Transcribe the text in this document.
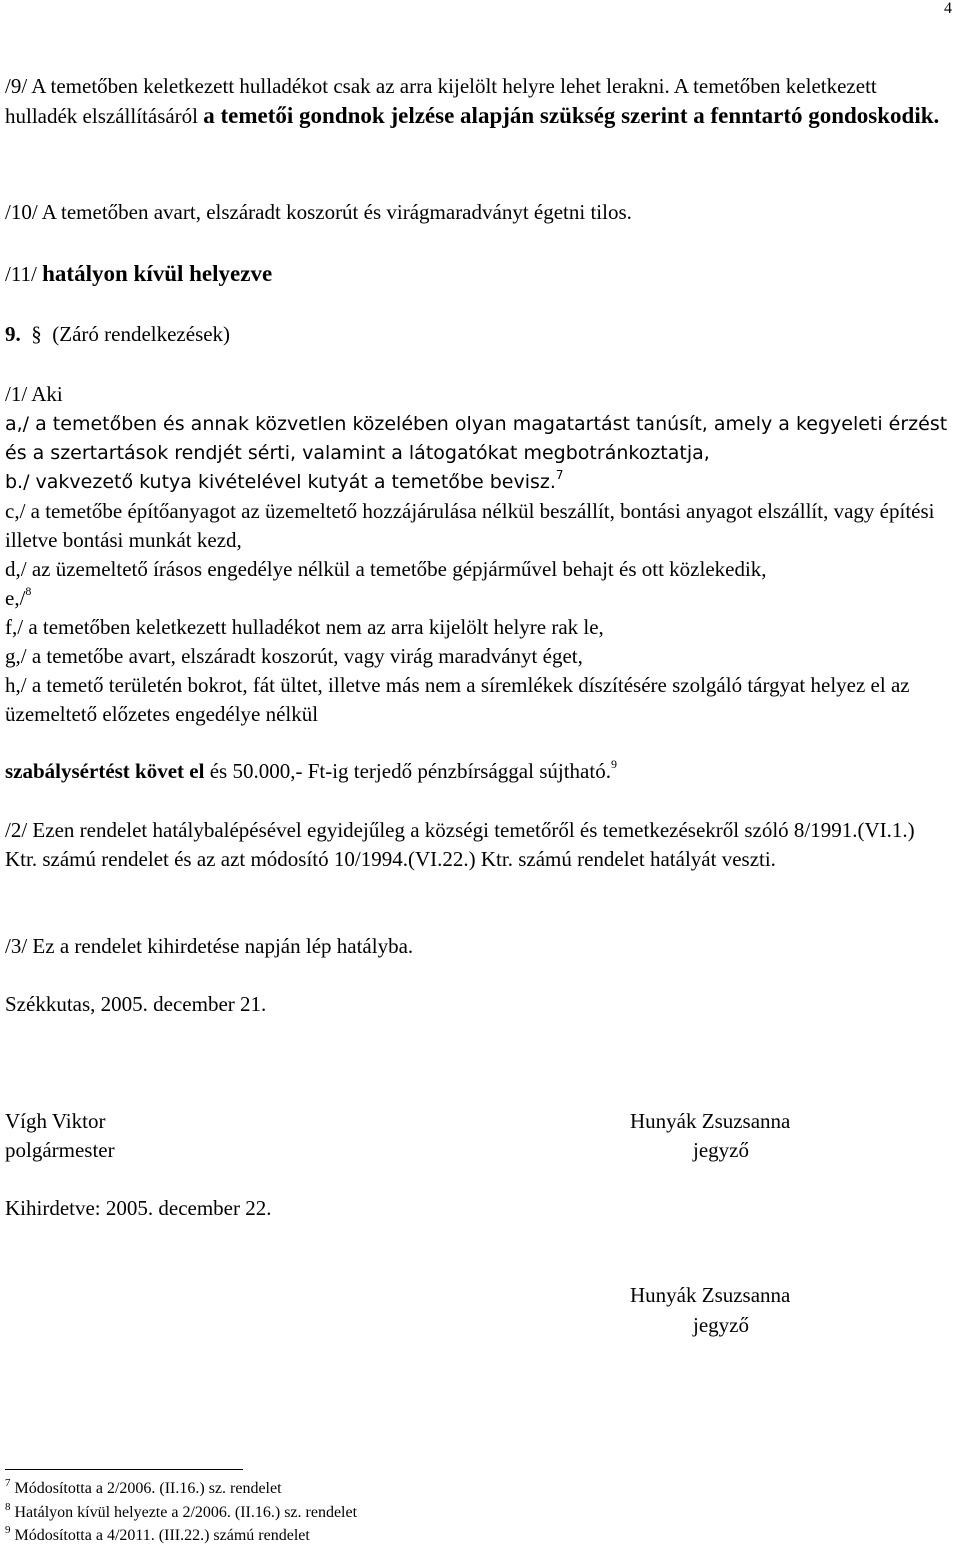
4

/9/ A temetőben keletkezett hulladékot csak az arra kijelölt helyre lehet lerakni. A temetőben keletkezett hulladék elszállításáról a temetői gondnok jelzése alapján szükség szerint a fenntartó gondoskodik.

/10/ A temetőben avart, elszáradt koszorút és virágmaradványt égetni tilos.

/11/ hatályon kívül helyezve

9. § (Záró rendelkezések)

/1/ Aki

a,/ a temetőben és annak közvetlen közelében olyan magatartást tanúsít, amely a kegyeleti érzést és a szertartások rendjét sérti, valamint a látogatókat megbotránkoztatja,

b./ vakvezető kutya kivételével kutyát a temetőbe bevisz.$^7$

c,/ a temetőbe építőanyagot az üzemeltető hozzájárulása nélkül beszállít, bontási anyagot elszállít, vagy építési illetve bontási munkát kezd,

d,/ az üzemeltető írásos engedélye nélkül a temetőbe gépjárművel behajt és ott közlekedik,

e,/$^8$

f,/ a temetőben keletkezett hulladékot nem az arra kijelölt helyre rak le,

g,/ a temetőbe avart, elszáradt koszorút, vagy virág maradványt éget,

h,/ a temető területén bokrot, fát ültet, illetve más nem a síremlékek díszítésére szolgáló tárgyat helyez el az üzemeltető előzetes engedélye nélkül

szabálysértést követ el és 50.000,- Ft-ig terjedő pénzbírsággal sújtható.$^9$

/2/ Ezen rendelet hatálybalépésével egyidejűleg a községi temetőről és temetkezésekről szóló 8/1991.(VI.1.) Ktr. számú rendelet és az azt módosító 10/1994.(VI.22.) Ktr. számú rendelet hatályát veszti.

/3/ Ez a rendelet kihirdetése napján lép hatályba.

Székkutas, 2005. december 21.

Vígh Viktor
polgármester
Hunyák Zsuzsanna
jegyző
Kihirdetve: 2005. december 22.
Hunyák Zsuzsanna
jegyző
$^7$ Módosította a 2/2006. (II.16.) sz. rendelet
$^8$ Hatályon kívül helyezte a 2/2006. (II.16.) sz. rendelet
$^9$ Módosította a 4/2011. (III.22.) számú rendelet
